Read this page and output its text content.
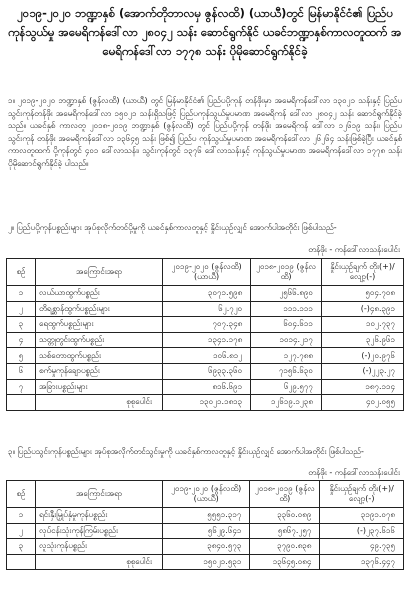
၂၀၁၉-၂၀၂၀ ဘဏ္ဍာနှစ် (အောက်တိုဘာလမှ ဇွန်လထိ) (ယာယီ)တွင် မြန်မာနိုင်ငံ၏ ပြည်ပကုန်သွယ်မှု အမေရိကန်ဒေါ်လာ ၂၈၀၄၂ သန်း ဆောင်ရွက်နိုင် ယခင်ဘဏ္ဍာနှစ်ကာလတူထက် အမေရိကန်ဒေါ်လာ ၁၇၇၈ သန်း ပိုမိုဆောင်ရွက်နိုင်ခဲ့
၁။ ၂၀၁၉-၂၀၂၀ ဘဏ္ဍာနှစ် (ဇွန်လထိ) (ယာယီ) တွင် မြန်မာနိုင်ငံ၏ ပြည်ပပို့ကုန် တန်ဖိုးမှာ အမေရိကန်ဒေါ်လာ ၁၃၀၂၁ သန်းနှင့် ပြည်ပသွင်းကုန်တန်ဖိုး အမေရိကန်ဒေါ်လာ ၁၅၀၂၁ သန်းရှိသဖြင့် ပြည်ပကုန်သွယ်မှုပမာဏ အမေရိကန် ဒေါ်လာ ၂၈၀၄၂ သန်း ဆောင်ရွက်နိုင်ခဲ့သည်။ ယခင်နှစ် ကာလတူ ၂၀၁၈-၂၀၁၉ ဘဏ္ဍာနှစ် (ဇွန်လထိ) တွင် ပြည်ပပို့ကုန် တန်ဖိုး အမေရိကန် ဒေါ်လာ ၁၂၆၁၉ သန်း၊ ပြည်ပသွင်းကုန် တန်ဖိုး အမေရိကန်ဒေါ်လာ ၁၃၆၄၅ သန်း ဖြစ်၍ ပြည်ပ ကုန်သွယ်မှုပမာဏ အမေရိကန်ဒေါ်လာ ၂၆၂၆၄ သန်းဖြစ်ခဲ့ပြီး ယခင်နှစ်ကာလတူထက် ပို့ကုန်တွင် ၄၀၁ ဒေါ်လာသန်း၊ သွင်းကုန်တွင် ၁၃၇၆ ဒေါ်လာသန်းနှင့် ကုန်သွယ်မှုပမာဏ အမေရိကန်ဒေါ်လာ ၁၇၇၈ သန်း ပိုမိုဆောင်ရွက်နိုင်ခဲ့ ပါသည်။
၂။ ပြည်ပပို့ကုန်ပစ္စည်းများ အုပ်စုလိုက်တင်ပို့မှုကို ယခင်နှစ်ကာလတူနှင့် နှိုင်းယှဉ်လျှင် အောက်ပါအတိုင်း ဖြစ်ပါသည်-
တန်ဖိုး - ကန်ဒေါ်လာသန်းပေါင်း
စဉ်	အကြောင်းအရာ	၂၀၁၉-၂၀၂၀ (ဇွန်လထိ)(ယာယီ)	၂၀၁၈-၂၀၁၉ (ဇွန်လထိ)	နှိုင်းယှဉ်ချက် တိုး(+)/လျော့(-)
၁	လယ်ယာထွက်ပစ္စည်း	၃၀၇၁.၅၉၈	၂၅၆၆.၈၉၀	၅၀၄.၇၀၈
၂	တိရစ္ဆာန်ထွက်ပစ္စည်းများ	၆၂.၇၂၀	၁၁၁.၁၁၁	(-)၄၈.၃၉၁
၃	ရေထွက်ပစ္စည်းများ	၇၀၇.၃၄၈	၆၀၄.၆၁၁	၁၀၂.၇၃၇
၄	သတ္တုတွင်းထွက်ပစ္စည်း	၁၃၄၁.၁၇၈	၁၀၁၄.၂၁၇	၃၂၆.၉၆၁
၅	သစ်တောထွက်ပစ္စည်း	၁၀၆.၈၁၂	၁၂၇.၇၈၈	(-)၂၀.၉၇၆
၆	စက်မှုကုန်ချောပစ္စည်း	၆၉၃၃.၃၆၀	၇၁၅၆.၆၃၀	(-)၂၂၃.၂၇
၇	အခြားပစ္စည်းများ	၈၁၆.၆၉၁	၆၂၉.၅၇၇	၁၈၇.၁၁၄
	စုစုပေါင်း	၁၃၀၂၁.၁၈၁၃	၁၂၆၁၉.၁၂၃၈	၄၀၂.၀၅၅
၃။ ပြည်ပသွင်းကုန်ပစ္စည်းများ အုပ်စုအလိုက်တင်သွင်းမှုကို ယခင်နှစ်ကာလတူနှင့် နှိုင်းယှဉ်လျှင် အောက်ပါအတိုင်း ဖြစ်ပါသည်-
တန်ဖိုး - ကန်ဒေါ်လာသန်းပေါင်း
စဉ်	အကြောင်းအရာ	၂၀၁၉-၂၀၂၀ (ဇွန်လထိ)(ယာယီ)	၂၀၁၈-၂၀၁၉ (ဇွန်လထိ)	နှိုင်းယှဉ်ချက် တိုး(+)/လျော့(-)
၁	ရင်းနှီးမြှုပ်နှံမှုကုန်ပစ္စည်း	၅၅၅၁.၃၁၇	၃၃၆၀.၀၈၉	၃၁၉၁.၀၇၈
၂	လုပ်ငန်းသုံးကုန်ကြမ်းပစ္စည်း	၅၆၂၉.၆၄၁	၅၈၆၇.၂၅၇	(-)၂၃၇.၆၁၆
၃	လူသုံးကုန်ပစ္စည်း	၃၈၄၀.၅၇၃	၃၇၉၀.၈၃၈	၄၉.၇၃၅
	စုစုပေါင်း	၁၅၀၂၁.၅၃၁	၁၃၆၄၅.၀၈၄	၁၃၇၆.၄၄၇
